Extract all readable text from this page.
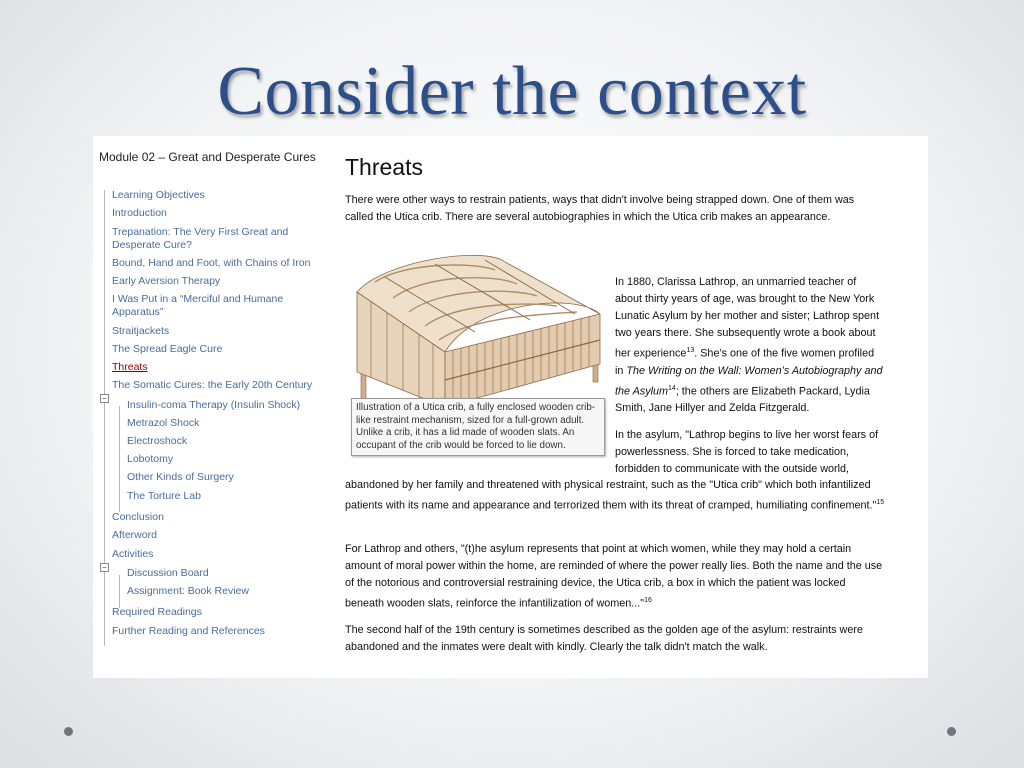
Consider the context
Module 02 – Great and Desperate Cures
−
−
Learning Objectives
Introduction
Trepanation: The Very First Great and Desperate Cure?
Bound, Hand and Foot, with Chains of Iron
Early Aversion Therapy
I Was Put in a “Merciful and Humane Apparatus”
Straitjackets
The Spread Eagle Cure
Threats
The Somatic Cures: the Early 20th Century
Insulin-coma Therapy (Insulin Shock)
Metrazol Shock
Electroshock
Lobotomy
Other Kinds of Surgery
The Torture Lab
Conclusion
Afterword
Activities
Discussion Board
Assignment: Book Review
Required Readings
Further Reading and References
Threats

There were other ways to restrain patients, ways that didn't involve being strapped down. One of them was called the Utica crib. There are several autobiographies in which the Utica crib makes an appearance.

Illustration of a Utica crib, a fully enclosed wooden crib-like restraint mechanism, sized for a full-grown adult. Unlike a crib, it has a lid made of wooden slats. An occupant of the crib would be forced to lie down.

In 1880, Clarissa Lathrop, an unmarried teacher of about thirty years of age, was brought to the New York Lunatic Asylum by her mother and sister; Lathrop spent two years there. She subsequently wrote a book about her experience$^{13}$. She’s one of the five women profiled in The Writing on the Wall: Women’s Autobiography and the Asylum$^{14}$; the others are Elizabeth Packard, Lydia Smith, Jane Hillyer and Zelda Fitzgerald.

In the asylum, "Lathrop begins to live her worst fears of powerlessness. She is forced to take medication, forbidden to communicate with the outside world,

abandoned by her family and threatened with physical restraint, such as the "Utica crib" which both infantilized patients with its name and appearance and terrorized them with its threat of cramped, humiliating confinement."$^{15}$

For Lathrop and others, "(t)he asylum represents that point at which women, while they may hold a certain amount of moral power within the home, are reminded of where the power really lies. Both the name and the use of the notorious and controversial restraining device, the Utica crib, a box in which the patient was locked beneath wooden slats, reinforce the infantilization of women..."$^{16}$

The second half of the 19th century is sometimes described as the golden age of the asylum: restraints were abandoned and the inmates were dealt with kindly. Clearly the talk didn't match the walk.
